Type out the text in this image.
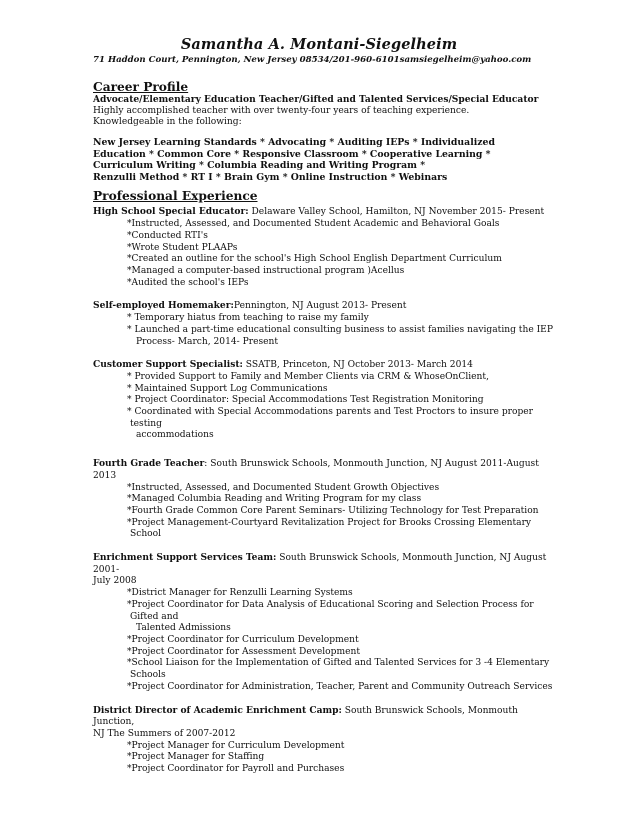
Samantha A. Montani-Siegelheim
71 Haddon Court, Pennington, New Jersey 08534/201-960-6101samsiegelheim@yahoo.com
Career Profile
Advocate/Elementary Education Teacher/Gifted and Talented Services/Special Educator
Highly accomplished teacher with over twenty-four years of teaching experience.
Knowledgeable in the following:
New Jersey Learning Standards * Advocating * Auditing IEPs * Individualized
Education * Common Core * Responsive Classroom * Cooperative Learning *
Curriculum Writing * Columbia Reading and Writing Program *
Renzulli Method * RT I * Brain Gym * Online Instruction * Webinars
Professional Experience
High School Special Educator: Delaware Valley School, Hamilton, NJ November 2015- Present
*Instructed, Assessed, and Documented Student Academic and Behavioral Goals
*Conducted RTI's
*Wrote Student PLAAPs
*Created an outline for the school's High School English Department Curriculum
*Managed a computer-based instructional program )Acellus
*Audited the school's IEPs
Self-employed Homemaker:Pennington, NJ August 2013- Present
* Temporary hiatus from teaching to raise my family
* Launched a part-time educational consulting business to assist families navigating the IEP
Process- March, 2014- Present
Customer Support Specialist: SSATB, Princeton, NJ October 2013- March 2014
* Provided Support to Family and Member Clients via CRM & WhoseOnClient,
* Maintained Support Log Communications
* Project Coordinator: Special Accommodations Test Registration Monitoring
* Coordinated with Special Accommodations parents and Test Proctors to insure proper testing
accommodations
Fourth Grade Teacher: South Brunswick Schools, Monmouth Junction, NJ August 2011-August 2013
*Instructed, Assessed, and Documented Student Growth Objectives
*Managed Columbia Reading and Writing Program for my class
*Fourth Grade Common Core Parent Seminars- Utilizing Technology for Test Preparation
*Project Management-Courtyard Revitalization Project for Brooks Crossing Elementary School
Enrichment Support Services Team: South Brunswick Schools, Monmouth Junction, NJ August 2001-
July 2008
*District Manager for Renzulli Learning Systems
*Project Coordinator for Data Analysis of Educational Scoring and Selection Process for Gifted and
Talented Admissions
*Project Coordinator for Curriculum Development
*Project Coordinator for Assessment Development
*School Liaison for the Implementation of Gifted and Talented Services for 3 -4 Elementary Schools
*Project Coordinator for Administration, Teacher, Parent and Community Outreach Services
District Director of Academic Enrichment Camp: South Brunswick Schools, Monmouth Junction,
NJ The Summers of 2007-2012
*Project Manager for Curriculum Development
*Project Manager for Staffing
*Project Coordinator for Payroll and Purchases
